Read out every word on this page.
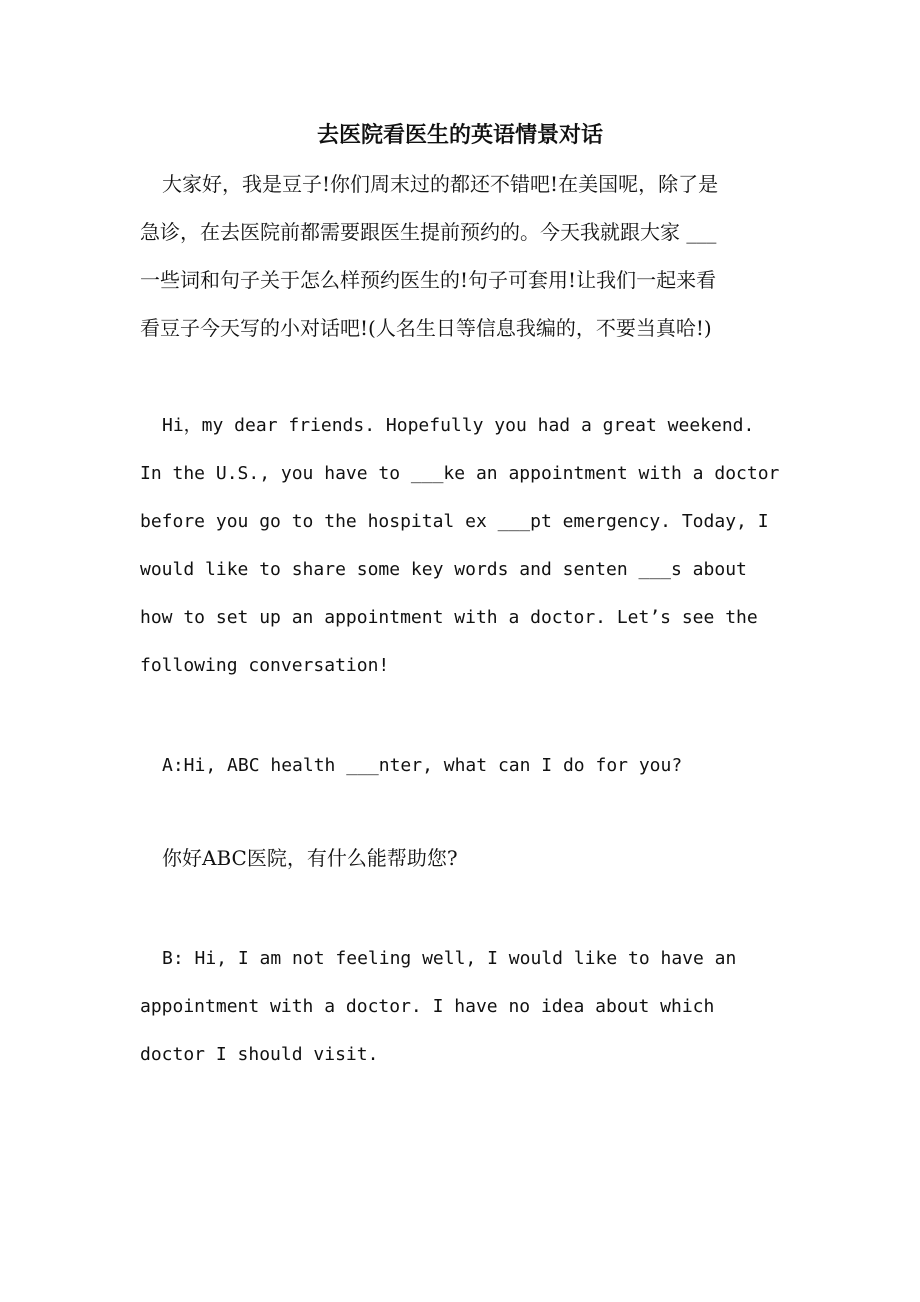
去医院看医生的英语情景对话
大家好，我是豆子!你们周末过的都还不错吧!在美国呢，除了是
急诊，在去医院前都需要跟医生提前预约的。今天我就跟大家 ___
一些词和句子关于怎么样预约医生的!句子可套用!让我们一起来看
看豆子今天写的小对话吧!(人名生日等信息我编的，不要当真哈!)
Hi，my dear friends. Hopefully you had a great weekend.
In the U.S., you have to ___ke an appointment with a doctor
before you go to the hospital ex ___pt emergency. Today, I
would like to share some key words and senten ___s about
how to set up an appointment with a doctor. Let’s see the
following conversation!
A:Hi, ABC health ___nter, what can I do for you?
你好ABC医院，有什么能帮助您?
B: Hi, I am not feeling well, I would like to have an
appointment with a doctor. I have no idea about which
doctor I should visit.
